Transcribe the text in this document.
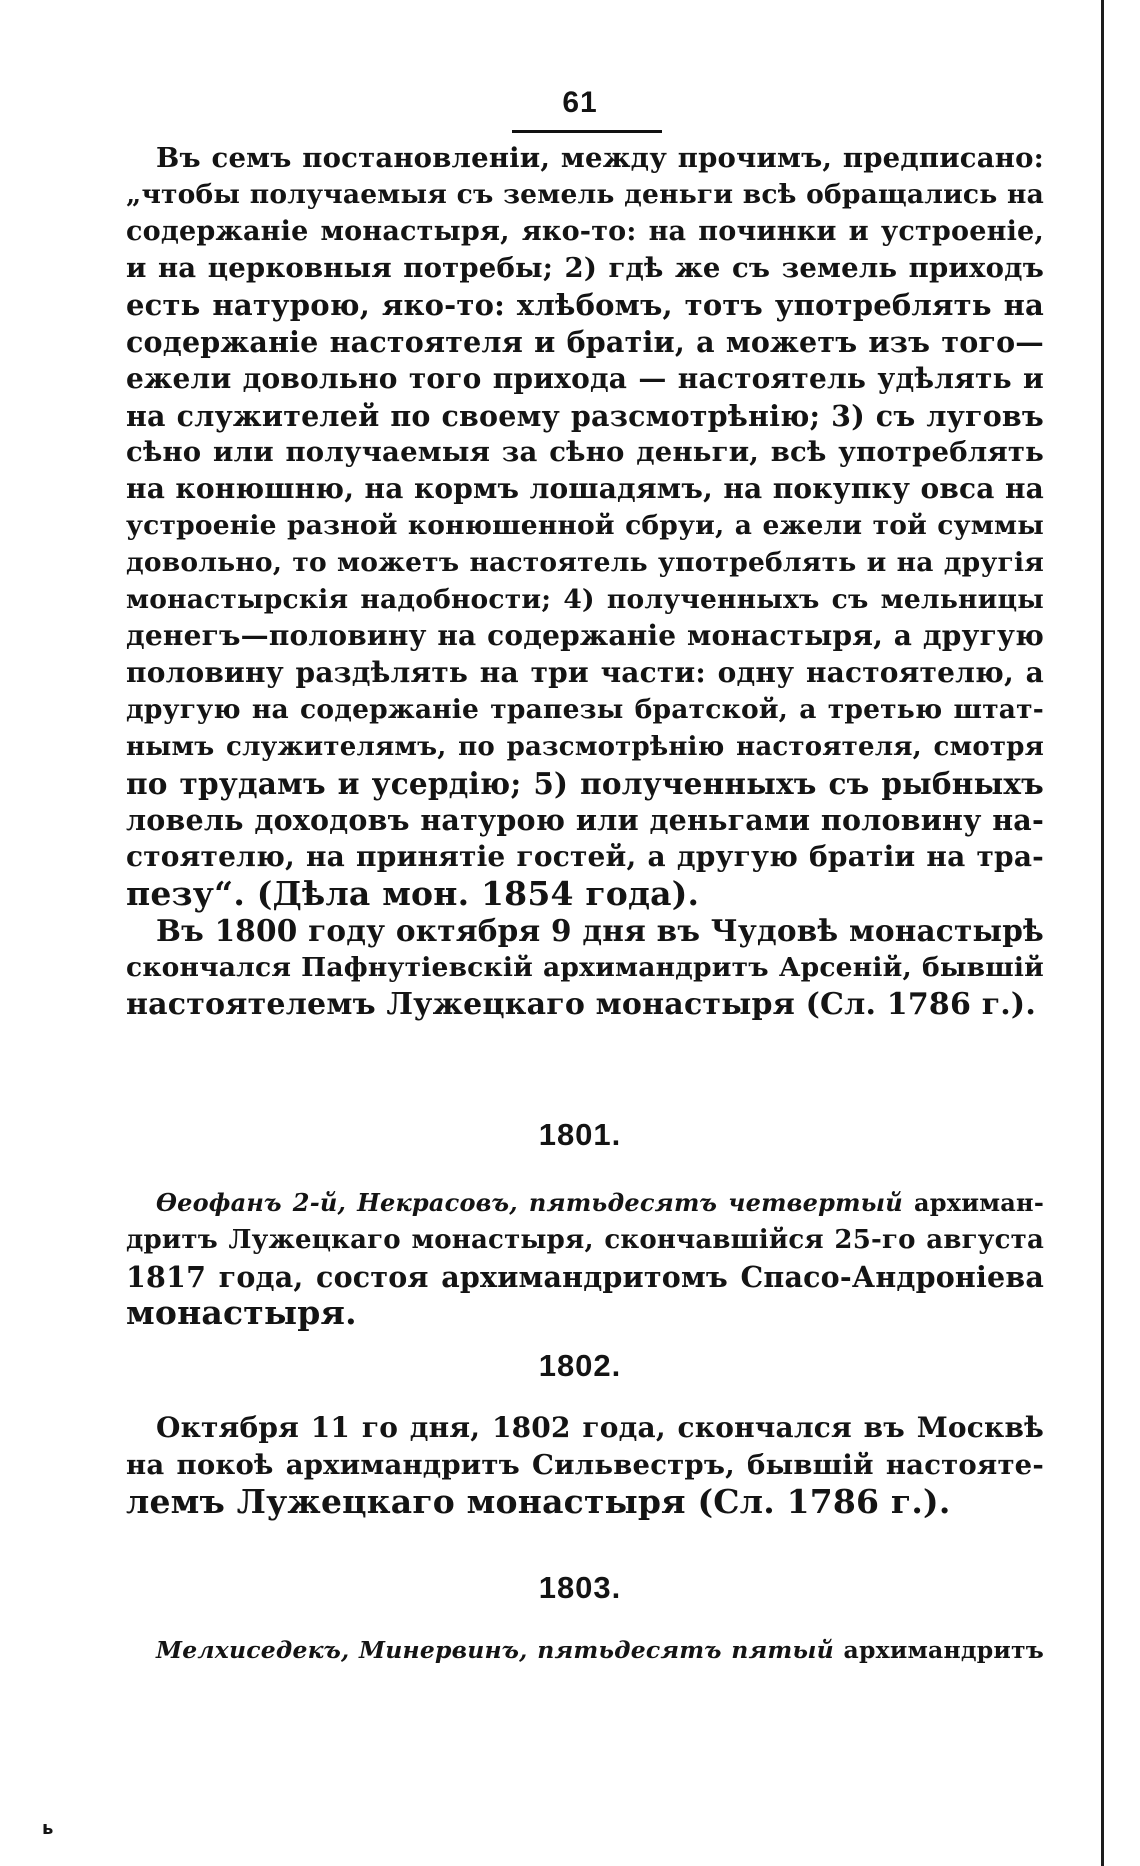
61
Въ семъ постановленіи, между прочимъ, предписано:
„чтобы получаемыя съ земель деньги всѣ обращались на
содержаніе монастыря, яко-то: на починки и устроеніе,
и на церковныя потребы; 2) гдѣ же съ земель приходъ
есть натурою, яко-то: хлѣбомъ, тотъ употреблять на
содержаніе настоятеля и братіи, а можетъ изъ того—
ежели довольно того прихода — настоятель удѣлять и
на служителей по своему разсмотрѣнію; 3) съ луговъ
сѣно или получаемыя за сѣно деньги, всѣ употреблять
на конюшню, на кормъ лошадямъ, на покупку овса на
устроеніе разной конюшенной сбруи, а ежели той суммы
довольно, то можетъ настоятель употреблять и на другія
монастырскія надобности; 4) полученныхъ съ мельницы
денегъ—половину на содержаніе монастыря, а другую
половину раздѣлять на три части: одну настоятелю, а
другую на содержаніе трапезы братской, а третью штат-
нымъ служителямъ, по разсмотрѣнію настоятеля, смотря
по трудамъ и усердію; 5) полученныхъ съ рыбныхъ
ловель доходовъ натурою или деньгами половину на-
стоятелю, на принятіе гостей, а другую братіи на тра-
пезу“. (Дѣла мон. 1854 года).
Въ 1800 году октября 9 дня въ Чудовѣ монастырѣ
скончался Пафнутіевскій архимандритъ Арсеній, бывшій
настоятелемъ Лужецкаго монастыря (Сл. 1786 г.).
1801.
Ѳеофанъ 2-й, Некрасовъ, пятьдесятъ четвертый архиман-
дритъ Лужецкаго монастыря, скончавшійся 25-го августа
1817 года, состоя архимандритомъ Спасо-Андроніева
монастыря.
1802.
Октября 11 го дня, 1802 года, скончался въ Москвѣ
на покоѣ архимандритъ Сильвестръ, бывшій настояте-
лемъ Лужецкаго монастыря (Сл. 1786 г.).
1803.
Мелхиседекъ, Минервинъ, пятьдесятъ пятый архимандритъ
ь
